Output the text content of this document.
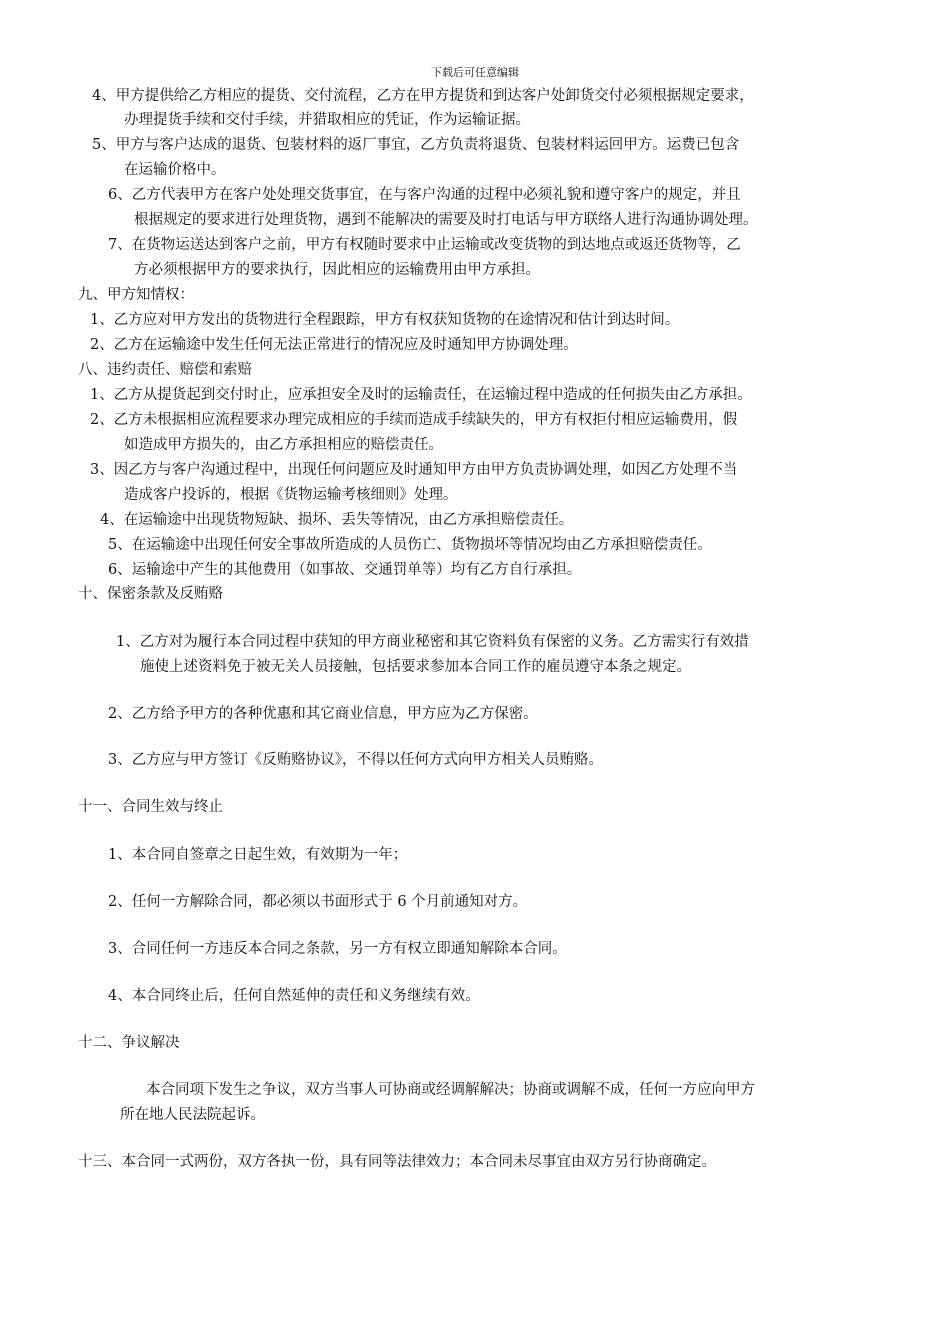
下载后可任意编辑
4、甲方提供给乙方相应的提货、交付流程，乙方在甲方提货和到达客户处卸货交付必须根据规定要求，
办理提货手续和交付手续，并猎取相应的凭证，作为运输证据。
5、甲方与客户达成的退货、包装材料的返厂事宜，乙方负责将退货、包装材料运回甲方。运费已包含
在运输价格中。
6、乙方代表甲方在客户处处理交货事宜，在与客户沟通的过程中必须礼貌和遵守客户的规定，并且
根据规定的要求进行处理货物，遇到不能解决的需要及时打电话与甲方联络人进行沟通协调处理。
7、在货物运送达到客户之前，甲方有权随时要求中止运输或改变货物的到达地点或返还货物等，乙
方必须根据甲方的要求执行，因此相应的运输费用由甲方承担。
九、甲方知情权：
1、乙方应对甲方发出的货物进行全程跟踪，甲方有权获知货物的在途情况和估计到达时间。
2、乙方在运输途中发生任何无法正常进行的情况应及时通知甲方协调处理。
八、违约责任、赔偿和索赔
1、乙方从提货起到交付时止，应承担安全及时的运输责任，在运输过程中造成的任何损失由乙方承担。
2、乙方未根据相应流程要求办理完成相应的手续而造成手续缺失的，甲方有权拒付相应运输费用，假
如造成甲方损失的，由乙方承担相应的赔偿责任。
3、因乙方与客户沟通过程中，出现任何问题应及时通知甲方由甲方负责协调处理，如因乙方处理不当
造成客户投诉的，根据《货物运输考核细则》处理。
4、在运输途中出现货物短缺、损坏、丢失等情况，由乙方承担赔偿责任。
5、在运输途中出现任何安全事故所造成的人员伤亡、货物损坏等情况均由乙方承担赔偿责任。
6、运输途中产生的其他费用（如事故、交通罚单等）均有乙方自行承担。
十、保密条款及反贿赂
1、乙方对为履行本合同过程中获知的甲方商业秘密和其它资料负有保密的义务。乙方需实行有效措
施使上述资料免于被无关人员接触，包括要求参加本合同工作的雇员遵守本条之规定。
2、乙方给予甲方的各种优惠和其它商业信息，甲方应为乙方保密。
3、乙方应与甲方签订《反贿赂协议》，不得以任何方式向甲方相关人员贿赂。
十一、合同生效与终止
1、本合同自签章之日起生效，有效期为一年；
2、任何一方解除合同，都必须以书面形式于 6 个月前通知对方。
3、合同任何一方违反本合同之条款，另一方有权立即通知解除本合同。
4、本合同终止后，任何自然延伸的责任和义务继续有效。
十二、争议解决
本合同项下发生之争议，双方当事人可协商或经调解解决；协商或调解不成，任何一方应向甲方
所在地人民法院起诉。
十三、本合同一式两份，双方各执一份，具有同等法律效力；本合同未尽事宜由双方另行协商确定。
